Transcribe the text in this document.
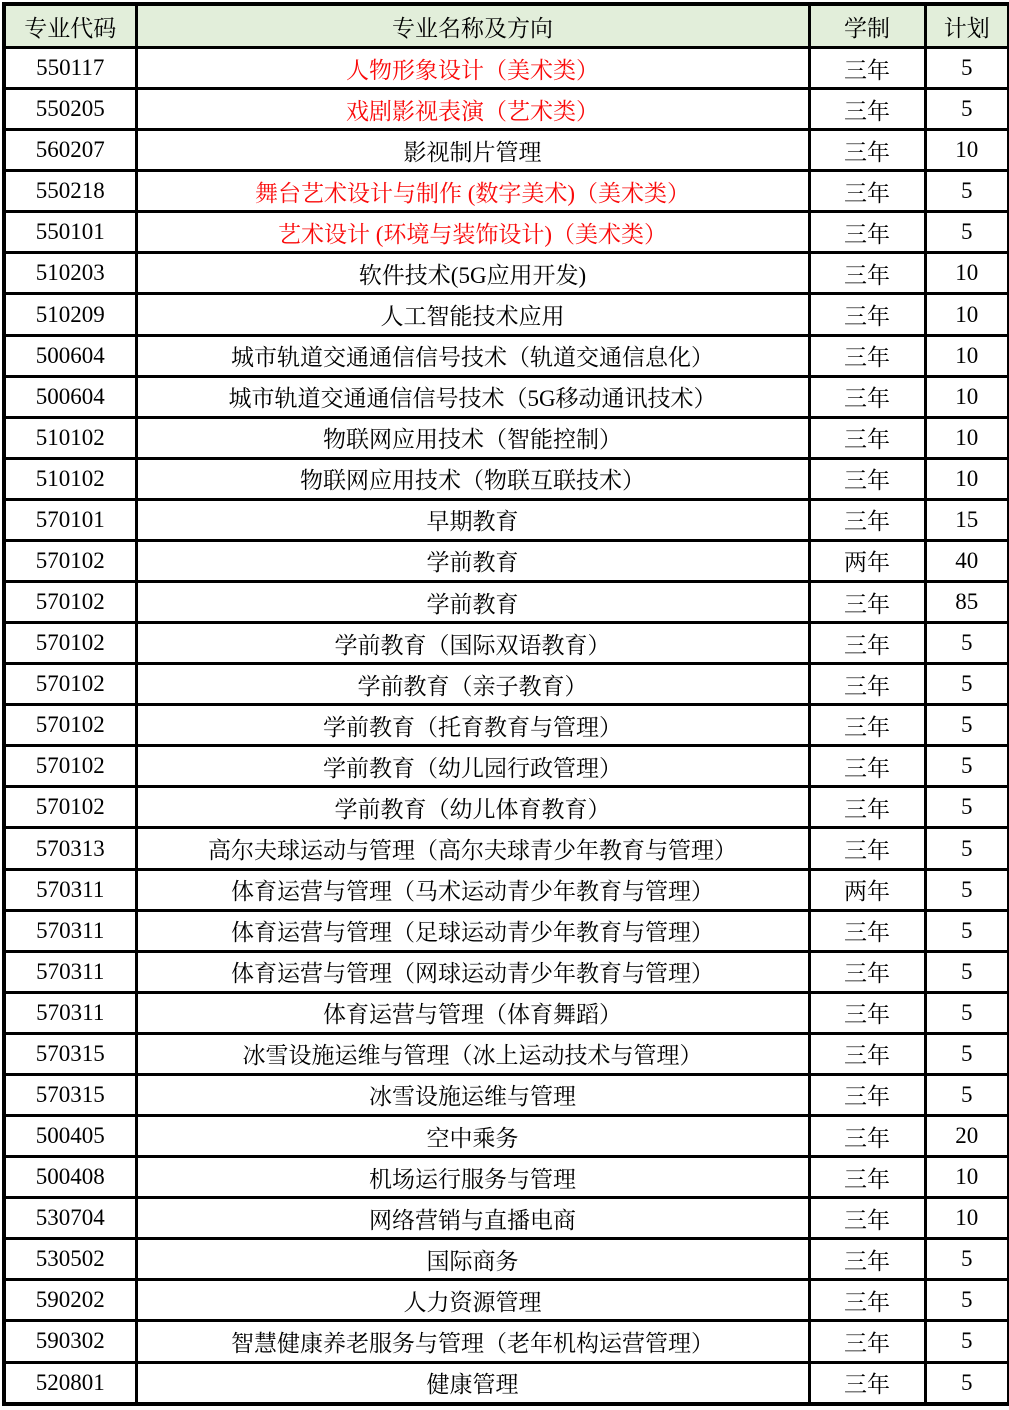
专业代码	专业名称及方向	学制	计划
550117	人物形象设计（美术类）	三年	5
550205	戏剧影视表演（艺术类）	三年	5
560207	影视制片管理	三年	10
550218	舞台艺术设计与制作 (数字美术)（美术类）	三年	5
550101	艺术设计 (环境与装饰设计)（美术类）	三年	5
510203	软件技术(5G应用开发)	三年	10
510209	人工智能技术应用	三年	10
500604	城市轨道交通通信信号技术（轨道交通信息化）	三年	10
500604	城市轨道交通通信信号技术（5G移动通讯技术）	三年	10
510102	物联网应用技术（智能控制）	三年	10
510102	物联网应用技术（物联互联技术）	三年	10
570101	早期教育	三年	15
570102	学前教育	两年	40
570102	学前教育	三年	85
570102	学前教育（国际双语教育）	三年	5
570102	学前教育（亲子教育）	三年	5
570102	学前教育（托育教育与管理）	三年	5
570102	学前教育（幼儿园行政管理）	三年	5
570102	学前教育（幼儿体育教育）	三年	5
570313	高尔夫球运动与管理（高尔夫球青少年教育与管理）	三年	5
570311	体育运营与管理（马术运动青少年教育与管理）	两年	5
570311	体育运营与管理（足球运动青少年教育与管理）	三年	5
570311	体育运营与管理（网球运动青少年教育与管理）	三年	5
570311	体育运营与管理（体育舞蹈）	三年	5
570315	冰雪设施运维与管理（冰上运动技术与管理）	三年	5
570315	冰雪设施运维与管理	三年	5
500405	空中乘务	三年	20
500408	机场运行服务与管理	三年	10
530704	网络营销与直播电商	三年	10
530502	国际商务	三年	5
590202	人力资源管理	三年	5
590302	智慧健康养老服务与管理（老年机构运营管理）	三年	5
520801	健康管理	三年	5
